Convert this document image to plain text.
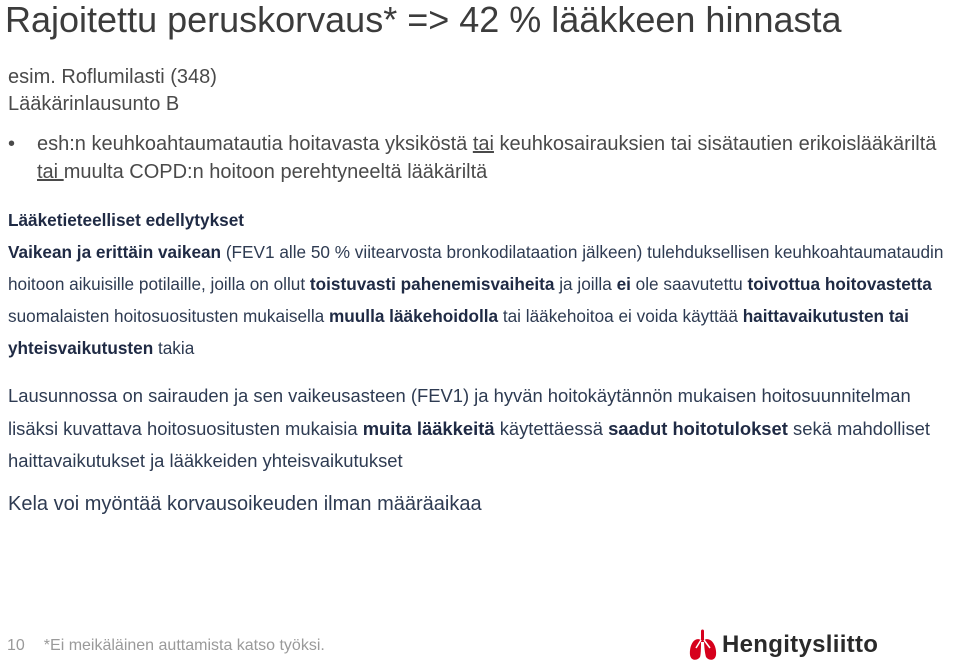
Rajoitettu peruskorvaus* => 42 % lääkkeen hinnasta
esim. Roflumilasti (348)
Lääkärinlausunto B
• esh:n keuhkoahtaumatautia hoitavasta yksiköstä tai keuhkosairauksien tai sisätautien erikoislääkäriltä tai muulta COPD:n hoitoon perehtyneeltä lääkäriltä

Lääketieteelliset edellytykset
Vaikean ja erittäin vaikean (FEV1 alle 50 % viitearvosta bronkodilataation jälkeen) tulehduksellisen keuhkoahtaumataudin hoitoon aikuisille potilaille, joilla on ollut toistuvasti pahenemisvaiheita ja joilla ei ole saavutettu toivottua hoitovastetta suomalaisten hoitosuositusten mukaisella muulla lääkehoidolla tai lääkehoitoa ei voida käyttää haittavaikutusten tai yhteisvaikutusten takia

Lausunnossa on sairauden ja sen vaikeusasteen (FEV1) ja hyvän hoitokäytännön mukaisen hoitosuunnitelman lisäksi kuvattava hoitosuositusten mukaisia muita lääkkeitä käytettäessä saadut hoitotulokset sekä mahdolliset haittavaikutukset ja lääkkeiden yhteisvaikutukset

Kela voi myöntää korvausoikeuden ilman määräaikaa

10 *Ei meikäläinen auttamista katso työksi.	Hengitysliitto
